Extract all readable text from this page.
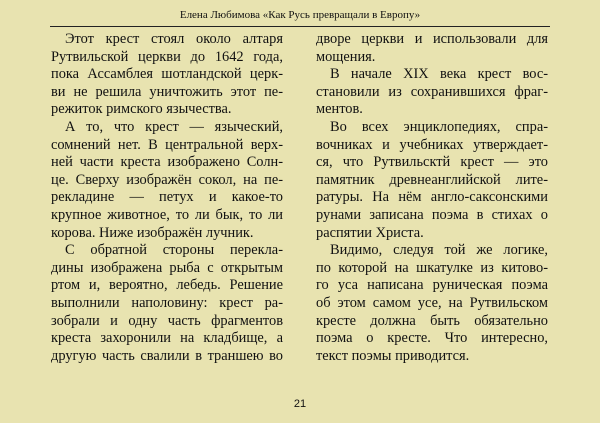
Елена Любимова «Как Русь превращали в Европу»

Этот крест стоял около алтаря
Рутвильской церкви до 1642 года,
пока Ассамблея шотландской церк-
ви не решила уничтожить этот пе-
режиток римского язычества.

А то, что крест — языческий,
сомнений нет. В центральной верх-
ней части креста изображено Солн-
це. Сверху изображён сокол, на пе-
рекладине — петух и какое-то
крупное животное, то ли бык, то ли
корова. Ниже изображён лучник.

С обратной стороны перекла-
дины изображена рыба с открытым
ртом и, вероятно, лебедь. Решение
выполнили наполовину: крест ра-
зобрали и одну часть фрагментов
креста захоронили на кладбище, а
другую часть свалили в траншею во

дворе церкви и использовали для
мощения.

В начале XIX века крест вос-
становили из сохранившихся фраг-
ментов.

Во всех энциклопедиях, спра-
вочниках и учебниках утверждает-
ся, что Рутвильсктй крест — это
памятник древнеанглийской лите-
ратуры. На нём англо-саксонскими
рунами записана поэма в стихах о
распятии Христа.

Видимо, следуя той же логике,
по которой на шкатулке из китово-
го уса написана руническая поэма
об этом самом усе, на Рутвильском
кресте должна быть обязательно
поэма о кресте. Что интересно,
текст поэмы приводится.

21
